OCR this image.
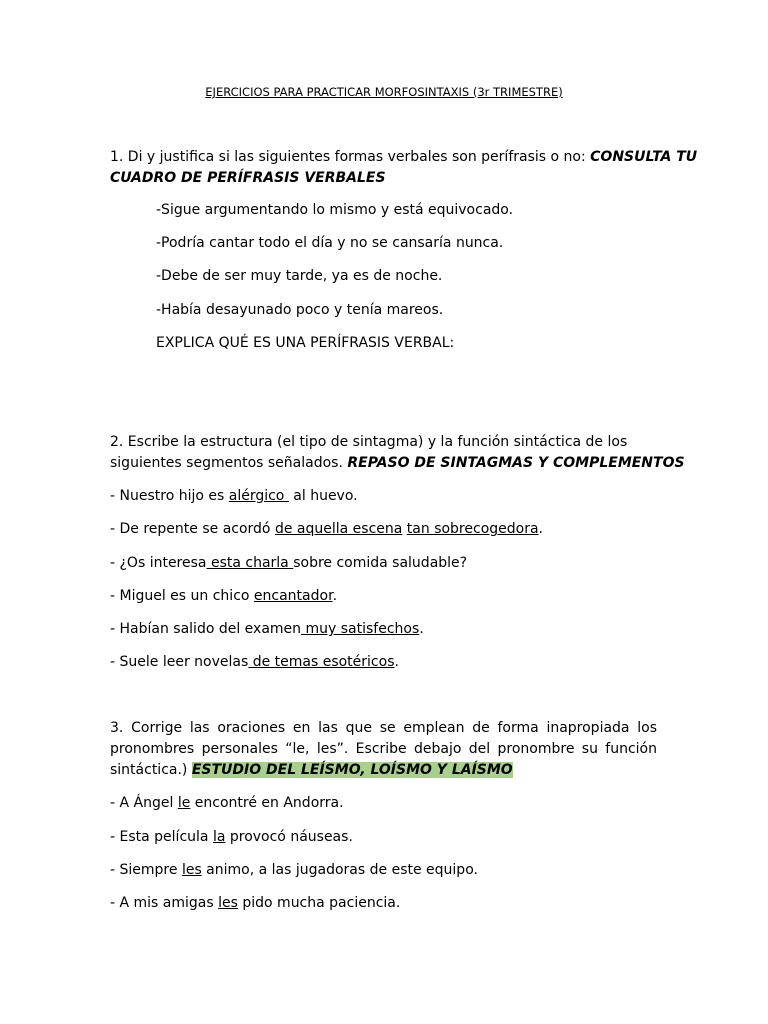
EJERCICIOS PARA PRACTICAR MORFOSINTAXIS (3r TRIMESTRE)
1. Di y justifica si las siguientes formas verbales son perífrasis o no: CONSULTA TU
CUADRO DE PERÍFRASIS VERBALES
-Sigue argumentando lo mismo y está equivocado.
-Podría cantar todo el día y no se cansaría nunca.
-Debe de ser muy tarde, ya es de noche.
-Había desayunado poco y tenía mareos.
EXPLICA QUÉ ES UNA PERÍFRASIS VERBAL:
2. Escribe la estructura (el tipo de sintagma) y la función sintáctica de los
siguientes segmentos señalados. REPASO DE SINTAGMAS Y COMPLEMENTOS
- Nuestro hijo es alérgico  al huevo.
- De repente se acordó de aquella escena tan sobrecogedora.
- ¿Os interesa esta charla sobre comida saludable?
- Miguel es un chico encantador.
- Habían salido del examen muy satisfechos.
- Suele leer novelas de temas esotéricos.
3. Corrige las oraciones en las que se emplean de forma inapropiada los
pronombres personales “le, les”. Escribe debajo del pronombre su función
sintáctica.) ESTUDIO DEL LEÍSMO, LOÍSMO Y LAÍSMO
- A Ángel le encontré en Andorra.
- Esta película la provocó náuseas.
- Siempre les animo, a las jugadoras de este equipo.
- A mis amigas les pido mucha paciencia.
